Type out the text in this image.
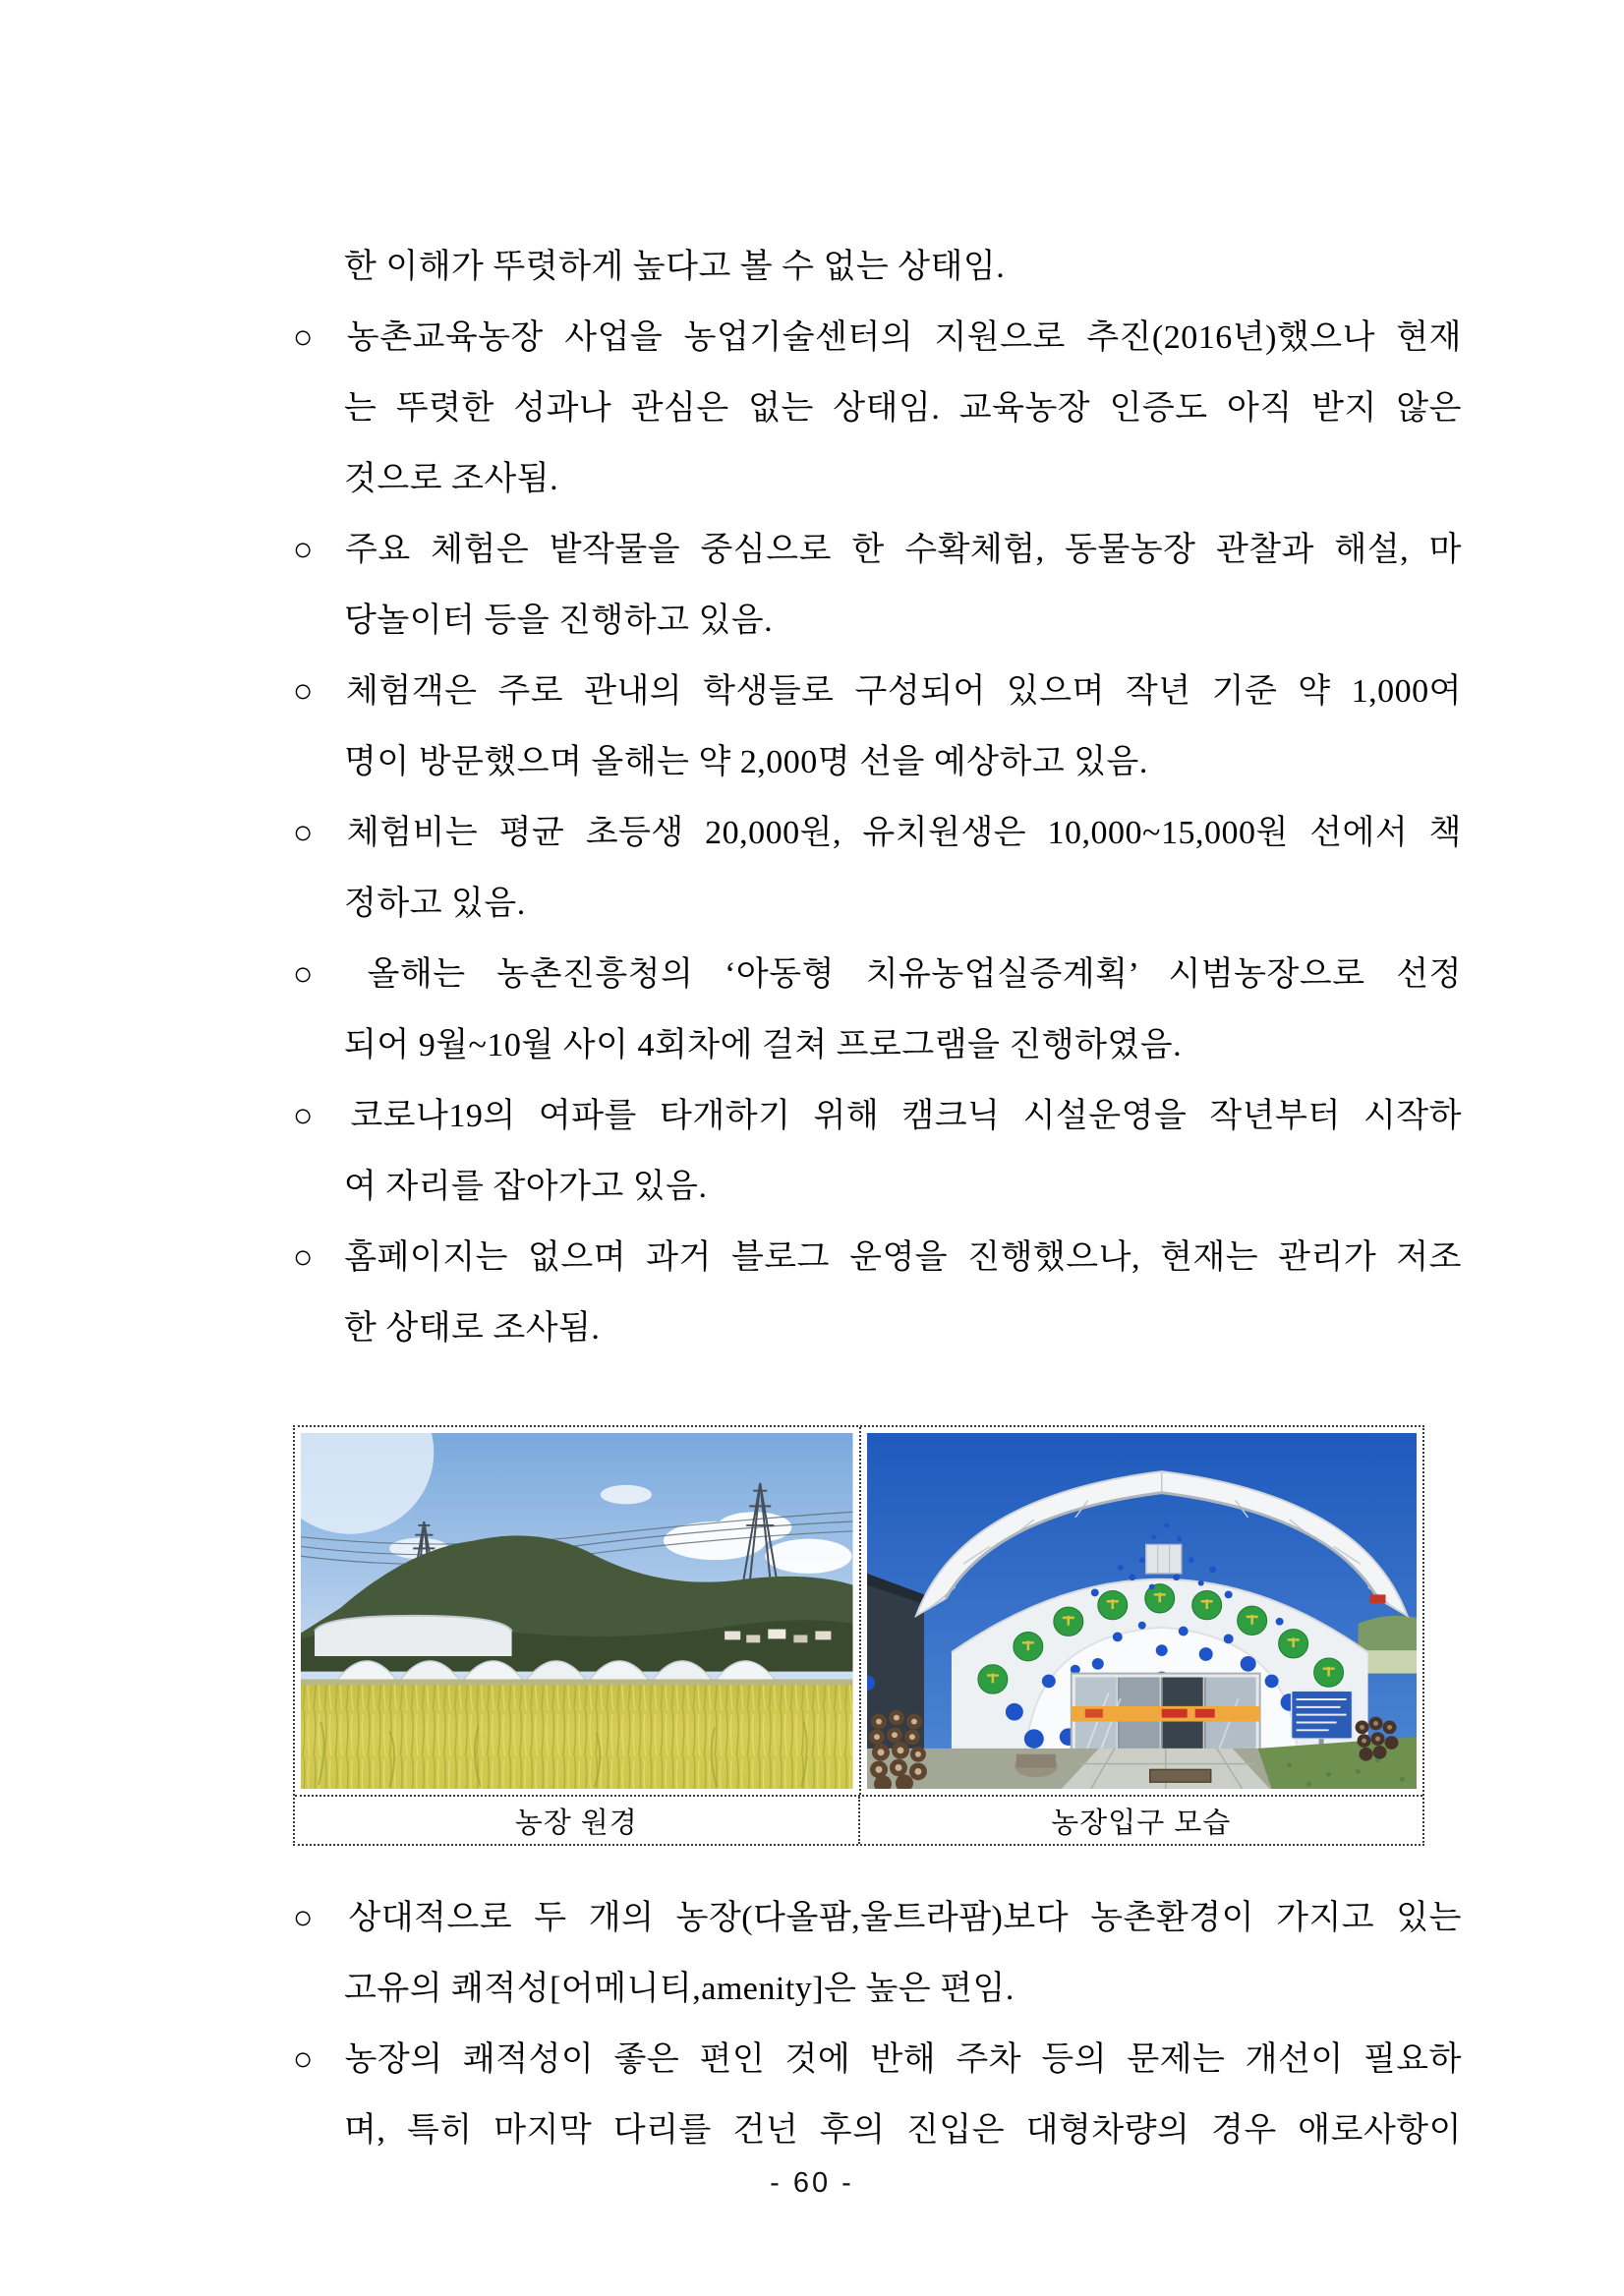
한 이해가 뚜렷하게 높다고 볼 수 없는 상태임.
○ 농촌교육농장 사업을 농업기술센터의 지원으로 추진(2016년)했으나 현재
는 뚜렷한 성과나 관심은 없는 상태임. 교육농장 인증도 아직 받지 않은
것으로 조사됨.
○ 주요 체험은 밭작물을 중심으로 한 수확체험, 동물농장 관찰과 해설, 마
당놀이터 등을 진행하고 있음.
○ 체험객은 주로 관내의 학생들로 구성되어 있으며 작년 기준 약 1,000여
명이 방문했으며 올해는 약 2,000명 선을 예상하고 있음.
○ 체험비는 평균 초등생 20,000원, 유치원생은 10,000~15,000원 선에서 책
정하고 있음.
○ 올해는 농촌진흥청의 ‘아동형 치유농업실증계획’ 시범농장으로 선정
되어 9월~10월 사이 4회차에 걸쳐 프로그램을 진행하였음.
○ 코로나19의 여파를 타개하기 위해 캠크닉 시설운영을 작년부터 시작하
여 자리를 잡아가고 있음.
○ 홈페이지는 없으며 과거 블로그 운영을 진행했으나, 현재는 관리가 저조
한 상태로 조사됨.
농장 원경	농장입구 모습
○ 상대적으로 두 개의 농장(다올팜,울트라팜)보다 농촌환경이 가지고 있는
고유의 쾌적성[어메니티,amenity]은 높은 편임.
○ 농장의 쾌적성이 좋은 편인 것에 반해 주차 등의 문제는 개선이 필요하
며, 특히 마지막 다리를 건넌 후의 진입은 대형차량의 경우 애로사항이
- 60 -
